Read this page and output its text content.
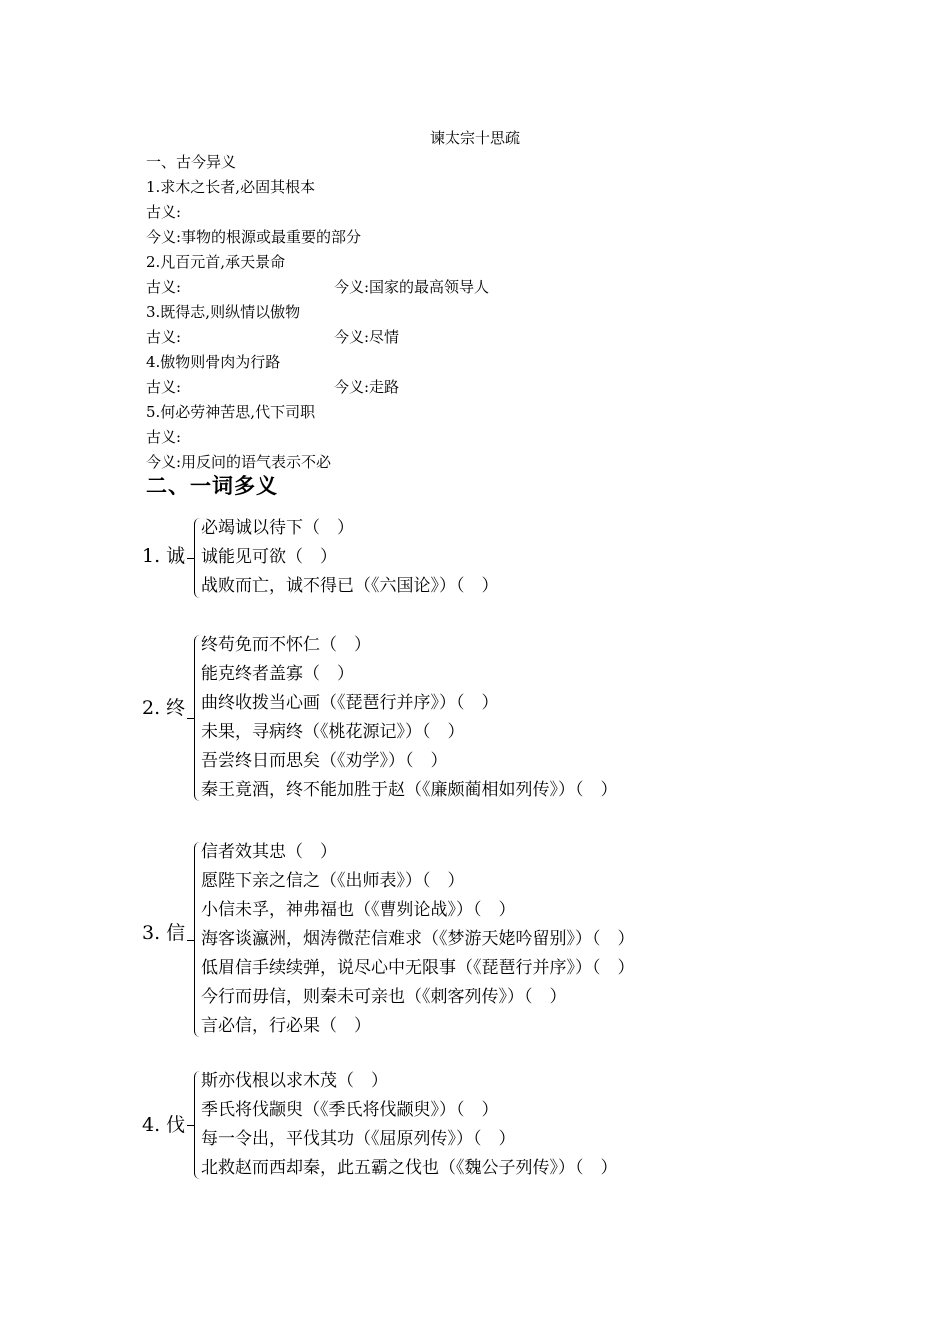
谏太宗十思疏
一、古今异义
1.求木之长者,必固其根本
古义:
今义:事物的根源或最重要的部分
2.凡百元首,承天景命
古义:	今义:国家的最高领导人
3.既得志,则纵情以傲物
古义:	今义:尽情
4.傲物则骨肉为行路
古义:	今义:走路
5.何必劳神苦思,代下司职
古义:
今义:用反问的语气表示不必
二、一词多义
1. 诚
必竭诚以待下（　）
诚能见可欲（　）
战败而亡，诚不得已（《六国论》）（　）
2. 终
终苟免而不怀仁（　）
能克终者盖寡（　）
曲终收拨当心画（《琵琶行并序》）（　）
未果，寻病终（《桃花源记》）（　）
吾尝终日而思矣（《劝学》）（　）
秦王竟酒，终不能加胜于赵（《廉颇蔺相如列传》）（　）
3. 信
信者效其忠（　）
愿陛下亲之信之（《出师表》）（　）
小信未孚，神弗福也（《曹刿论战》）（　）
海客谈瀛洲，烟涛微茫信难求（《梦游天姥吟留别》）（　）
低眉信手续续弹，说尽心中无限事（《琵琶行并序》）（　）
今行而毋信，则秦未可亲也（《刺客列传》）（　）
言必信，行必果（　）
4. 伐
斯亦伐根以求木茂（　）
季氏将伐颛臾（《季氏将伐颛臾》）（　）
每一令出，平伐其功（《屈原列传》）（　）
北救赵而西却秦，此五霸之伐也（《魏公子列传》）（　）
